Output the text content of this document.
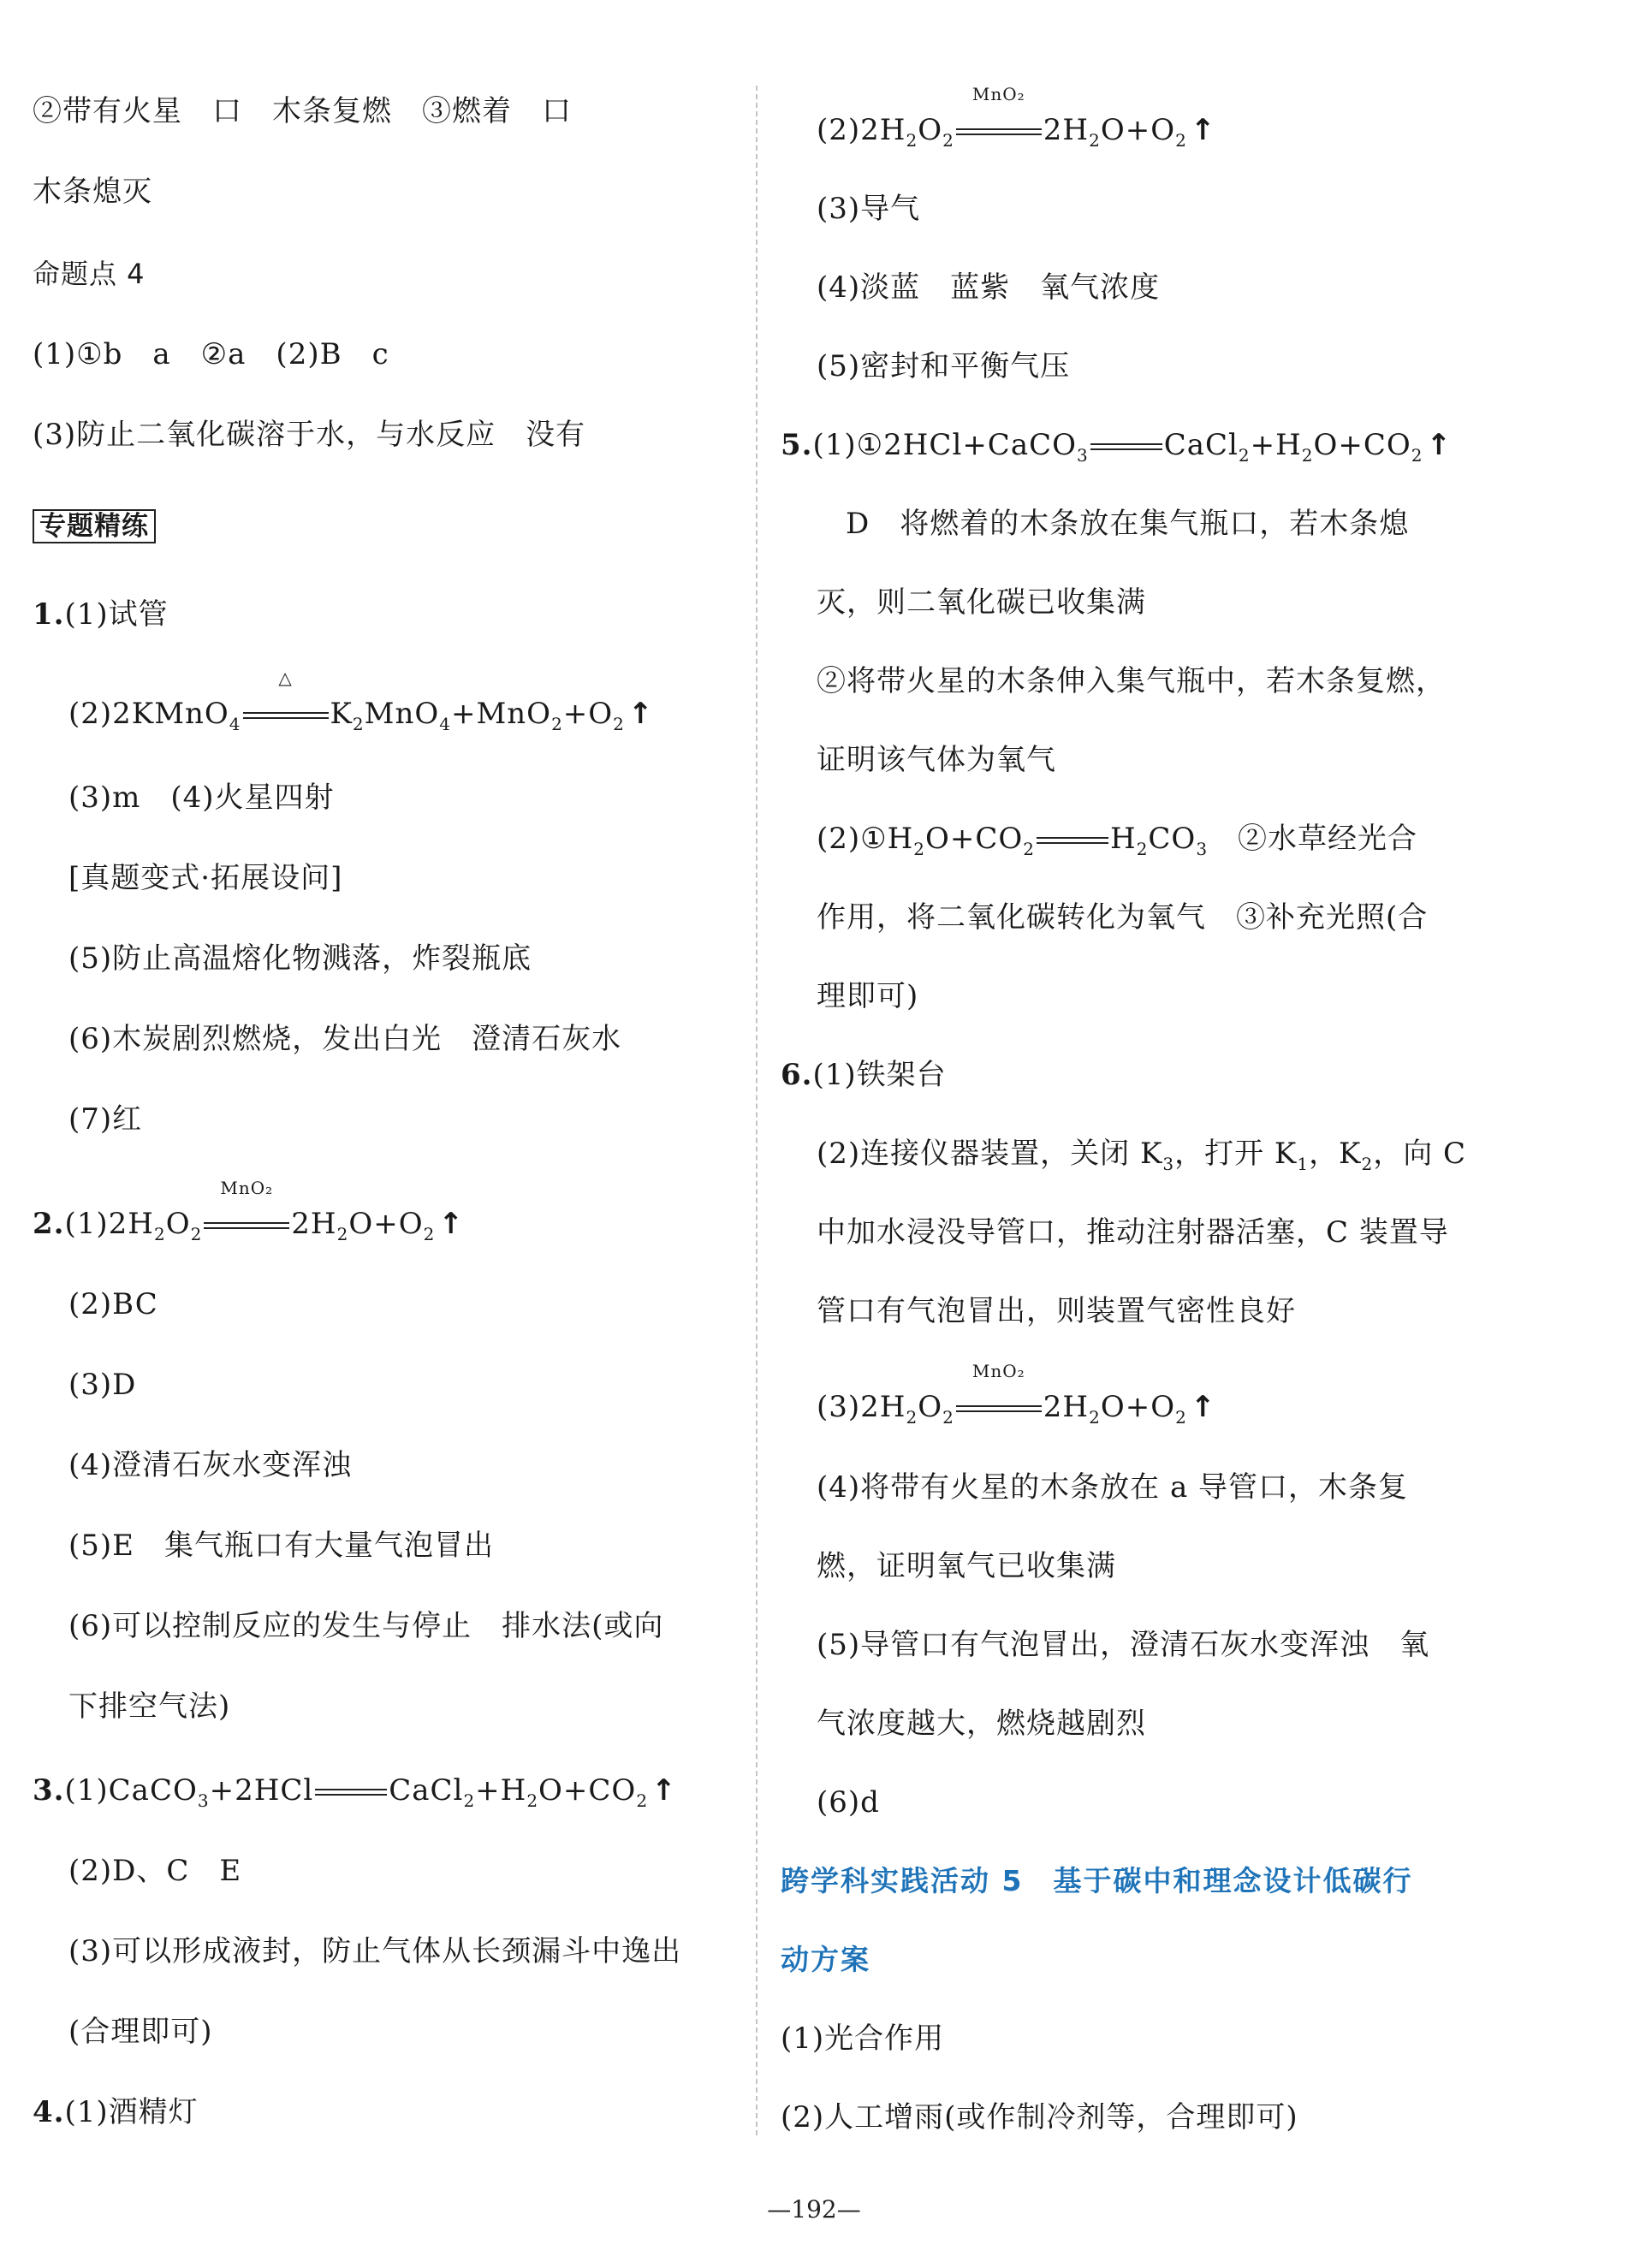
②带有火星　口　木条复燃　③燃着　口
木条熄灭
命题点 4
(1)①b　a　②a　(2)B　c
(3)防止二氧化碳溶于水，与水反应　没有
专题精练
1.(1)试管
(2)2KMnO$_4$
△
$K_2MnO_4+MnO_2+O_2$ ↑
(3)m　(4)火星四射
[真题变式·拓展设问]
(5)防止高温熔化物溅落，炸裂瓶底
(6)木炭剧烈燃烧，发出白光　澄清石灰水
(7)红
$2.(1)2H_2O_2$
MnO₂
$2H_2O+O_2$ ↑
(2)BC
(3)D
(4)澄清石灰水变浑浊
(5)E　集气瓶口有大量气泡冒出
(6)可以控制反应的发生与停止　排水法(或向
下排空气法)
3.(1)CaCO$_3$+2HCl	$CaCl_2+H_2O+CO_2$ ↑
(2)D、C　E
(3)可以形成液封，防止气体从长颈漏斗中逸出
(合理即可)
4.(1)酒精灯
$(2)2H_2O_2$
MnO₂
$2H_2O+O_2$ ↑
(3)导气
(4)淡蓝　蓝紫　氧气浓度
(5)密封和平衡气压
5.(1)①2HCl+CaCO$_3$	$CaCl_2+H_2O+CO_2$ ↑
D　将燃着的木条放在集气瓶口，若木条熄
灭，则二氧化碳已收集满
②将带火星的木条伸入集气瓶中，若木条复燃，
证明该气体为氧气
$(2)①H_2O+CO_2$	$H_2CO_3$　②水草经光合
作用，将二氧化碳转化为氧气　③补充光照(合
理即可)
6.(1)铁架台
(2)连接仪器装置，关闭 $K_3$，打开 $K_1$，$K_2$，向 C
中加水浸没导管口，推动注射器活塞，C 装置导
管口有气泡冒出，则装置气密性良好
$(3)2H_2O_2$
MnO₂
$2H_2O+O_2$ ↑
(4)将带有火星的木条放在 a 导管口，木条复
燃，证明氧气已收集满
(5)导管口有气泡冒出，澄清石灰水变浑浊　氧
气浓度越大，燃烧越剧烈
(6)d
跨学科实践活动 5　基于碳中和理念设计低碳行
动方案
(1)光合作用
(2)人工增雨(或作制冷剂等，合理即可)
—192—
